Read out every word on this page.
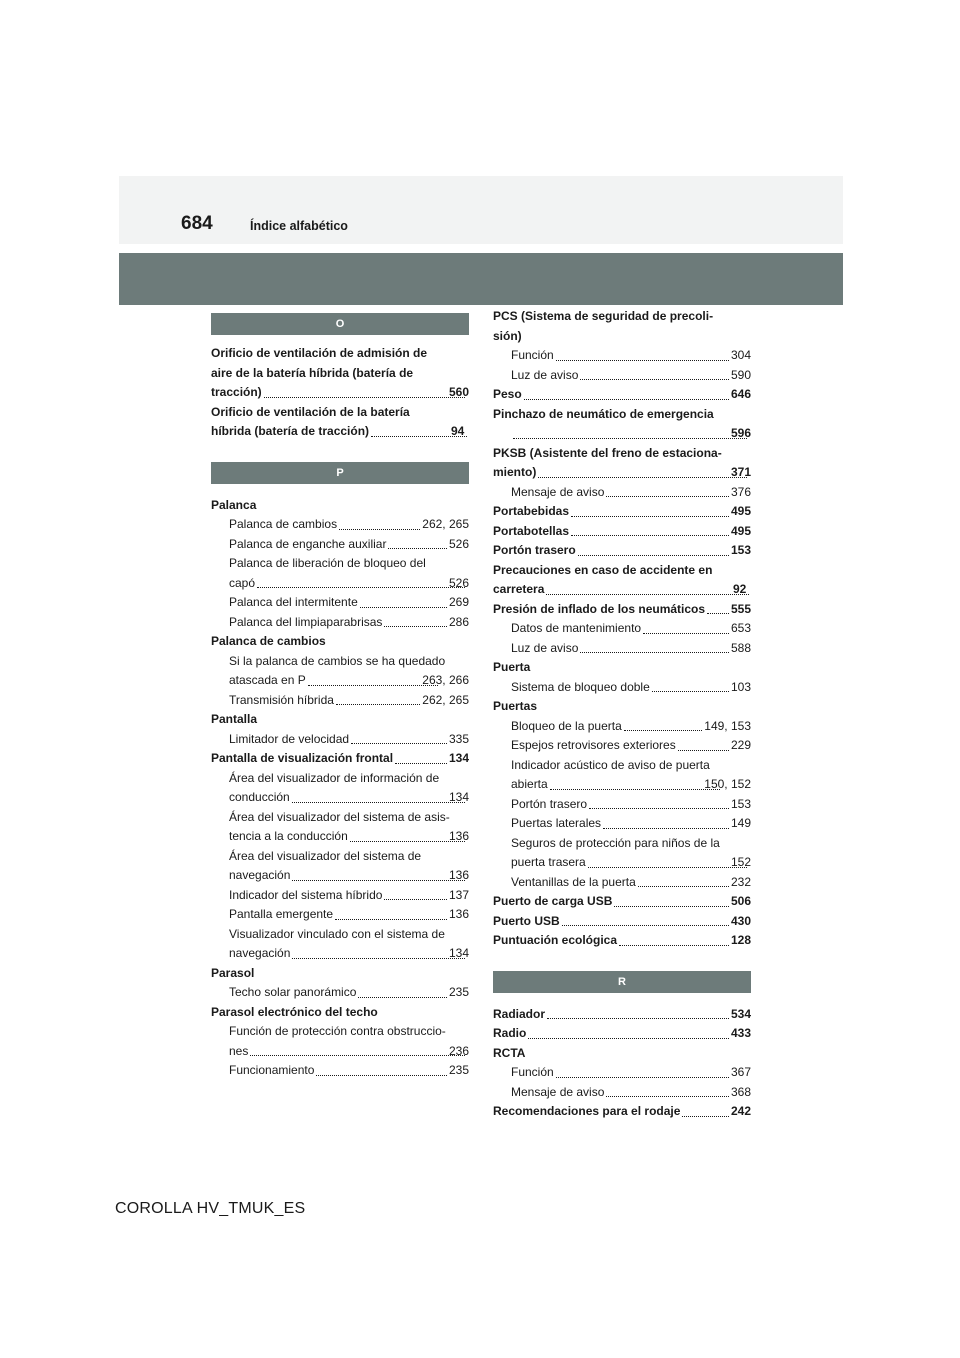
684	Índice alfabético
O
Orificio de ventilación de admisión de
aire de la batería híbrida (batería de
tracción)	560
Orificio de ventilación de la batería
híbrida (batería de tracción)	94
P
Palanca
Palanca de cambios	262, 265
Palanca de enganche auxiliar	526
Palanca de liberación de bloqueo del
capó	526
Palanca del intermitente	269
Palanca del limpiaparabrisas	286
Palanca de cambios
Si la palanca de cambios se ha quedado
atascada en P	263, 266
Transmisión híbrida	262, 265
Pantalla
Limitador de velocidad	335
Pantalla de visualización frontal	134
Área del visualizador de información de
conducción	134
Área del visualizador del sistema de asis-
tencia a la conducción	136
Área del visualizador del sistema de
navegación	136
Indicador del sistema híbrido	137
Pantalla emergente	136
Visualizador vinculado con el sistema de
navegación	134
Parasol
Techo solar panorámico	235
Parasol electrónico del techo
Función de protección contra obstruccio-
nes	236
Funcionamiento	235
PCS (Sistema de seguridad de precoli-
sión)
Función	304
Luz de aviso	590
Peso	646
Pinchazo de neumático de emergencia
596
PKSB (Asistente del freno de estaciona-
miento)	371
Mensaje de aviso	376
Portabebidas	495
Portabotellas	495
Portón trasero	153
Precauciones en caso de accidente en
carretera	92
Presión de inflado de los neumáticos 555
Datos de mantenimiento	653
Luz de aviso	588
Puerta
Sistema de bloqueo doble	103
Puertas
Bloqueo de la puerta	149, 153
Espejos retrovisores exteriores	229
Indicador acústico de aviso de puerta
abierta	150, 152
Portón trasero	153
Puertas laterales	149
Seguros de protección para niños de la
puerta trasera	152
Ventanillas de la puerta	232
Puerto de carga USB	506
Puerto USB	430
Puntuación ecológica	128
R
Radiador	534
Radio	433
RCTA
Función	367
Mensaje de aviso	368
Recomendaciones para el rodaje	242
COROLLA HV_TMUK_ES
